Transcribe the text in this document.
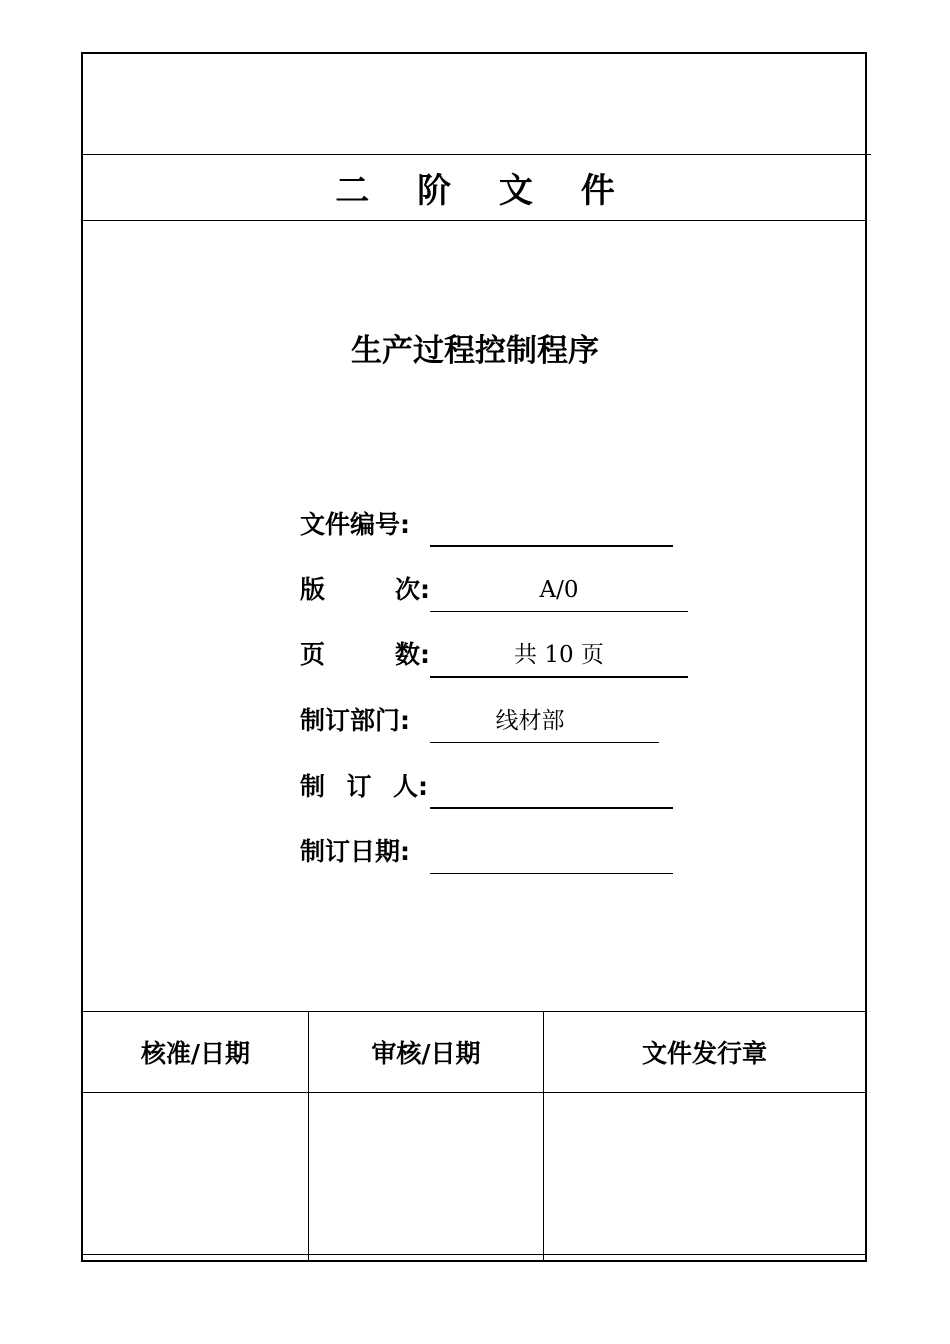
二 阶 文 件
生产过程控制程序
文件编号:
版	次:	A/0
页	数:	共 10 页
制订部门:	线材部
制 订 人:
制订日期:
核准/日期	审核/日期	文件发行章
